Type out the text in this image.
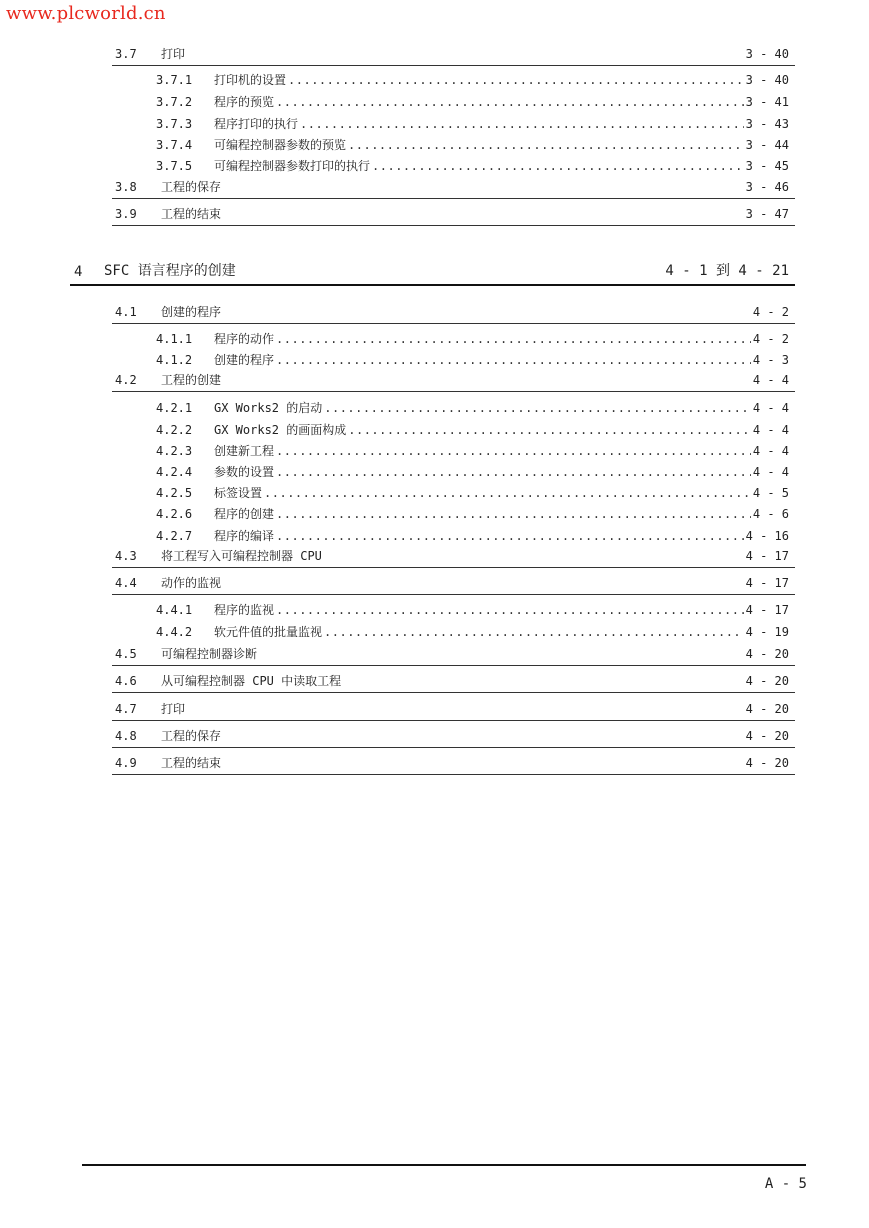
www.plcworld.cn
3.7	打印	3 - 40
3.7.1	打印机的设置 .....	3 - 40
3.7.2	程序的预览 .....	3 - 41
3.7.3	程序打印的执行 .....	3 - 43
3.7.4	可编程控制器参数的预览 .....	3 - 44
3.7.5	可编程控制器参数打印的执行 .....	3 - 45
3.8	工程的保存	3 - 46
3.9	工程的结束	3 - 47
4	SFC 语言程序的创建	4 - 1 到 4 - 21
4.1	创建的程序	4 - 2
4.1.1	程序的动作 .....	4 - 2
4.1.2	创建的程序 .....	4 - 3
4.2	工程的创建	4 - 4
4.2.1	GX Works2 的启动 .....	4 - 4
4.2.2	GX Works2 的画面构成 .....	4 - 4
4.2.3	创建新工程 .....	4 - 4
4.2.4	参数的设置 .....	4 - 4
4.2.5	标签设置 .....	4 - 5
4.2.6	程序的创建 .....	4 - 6
4.2.7	程序的编译 .....	4 - 16
4.3	将工程写入可编程控制器 CPU	4 - 17
4.4	动作的监视	4 - 17
4.4.1	程序的监视 .....	4 - 17
4.4.2	软元件值的批量监视 .....	4 - 19
4.5	可编程控制器诊断	4 - 20
4.6	从可编程控制器 CPU 中读取工程	4 - 20
4.7	打印	4 - 20
4.8	工程的保存	4 - 20
4.9	工程的结束	4 - 20
A - 5
